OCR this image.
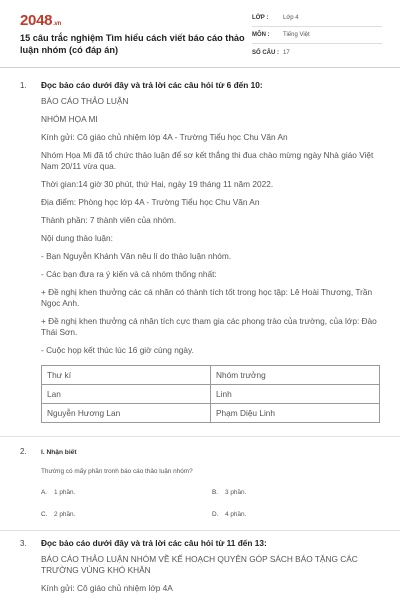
2048.vn
15 câu trắc nghiệm Tìm hiểu cách viết báo cáo thảo luận nhóm (có đáp án)
LỚP :	Lớp 4
MÔN :	Tiếng Việt
SỐ CÂU : 17
1.	Đọc bảo cáo dưới đây và trả lời các câu hỏi từ 6 đến 10:
BÁO CÁO THẢO LUẬN
NHÓM HỌA MI
Kính gửi: Cô giáo chủ nhiệm lớp 4A - Trường Tiểu học Chu Văn An
Nhóm Họa Mi đã tổ chức thảo luận để sơ kết thắng thi đua chào mừng ngày Nhà giáo Việt Nam 20/11 vừa qua.
Thời gian:14 giờ 30 phút, thứ Hai, ngày 19 tháng 11 năm 2022.
Địa điểm: Phòng học lớp 4A - Trường Tiểu học Chu Văn An
Thành phần: 7 thành viên của nhóm.
Nội dung thảo luận:
- Bạn Nguyễn Khánh Vân nêu lí do thảo luận nhóm.
- Các bạn đưa ra ý kiến và cả nhóm thống nhất:
+ Đề nghị khen thưởng các cá nhân có thành tích tốt trong học tập: Lê Hoài Thương, Trần Ngọc Anh.
+ Đề nghị khen thưởng cá nhân tích cực tham gia các phong trào của trường, của lớp: Đào Thái Sơn.
- Cuộc họp kết thúc lúc 16 giờ cùng ngày.
Thư kí	Nhóm trưởng
Lan	Linh
Nguyễn Hương Lan	Phạm Diệu Linh
2.	I. Nhận biết
Thường có mấy phần tronh báo cáo thảo luận nhóm?
A.	1 phần.	B.	3 phần.
C.	2 phần.	D.	4 phần.
3.	Đọc bảo cáo dưới đây và trả lời các câu hỏi từ 11 đến 13:
BÁO CÁO THẢO LUẬN NHÓM VỀ KẾ HOẠCH QUYÊN GÓP SÁCH BÁO TẶNG CÁC TRƯỜNG VÙNG KHÓ KHĂN
Kính gửi: Cô giáo chủ nhiệm lớp 4A
